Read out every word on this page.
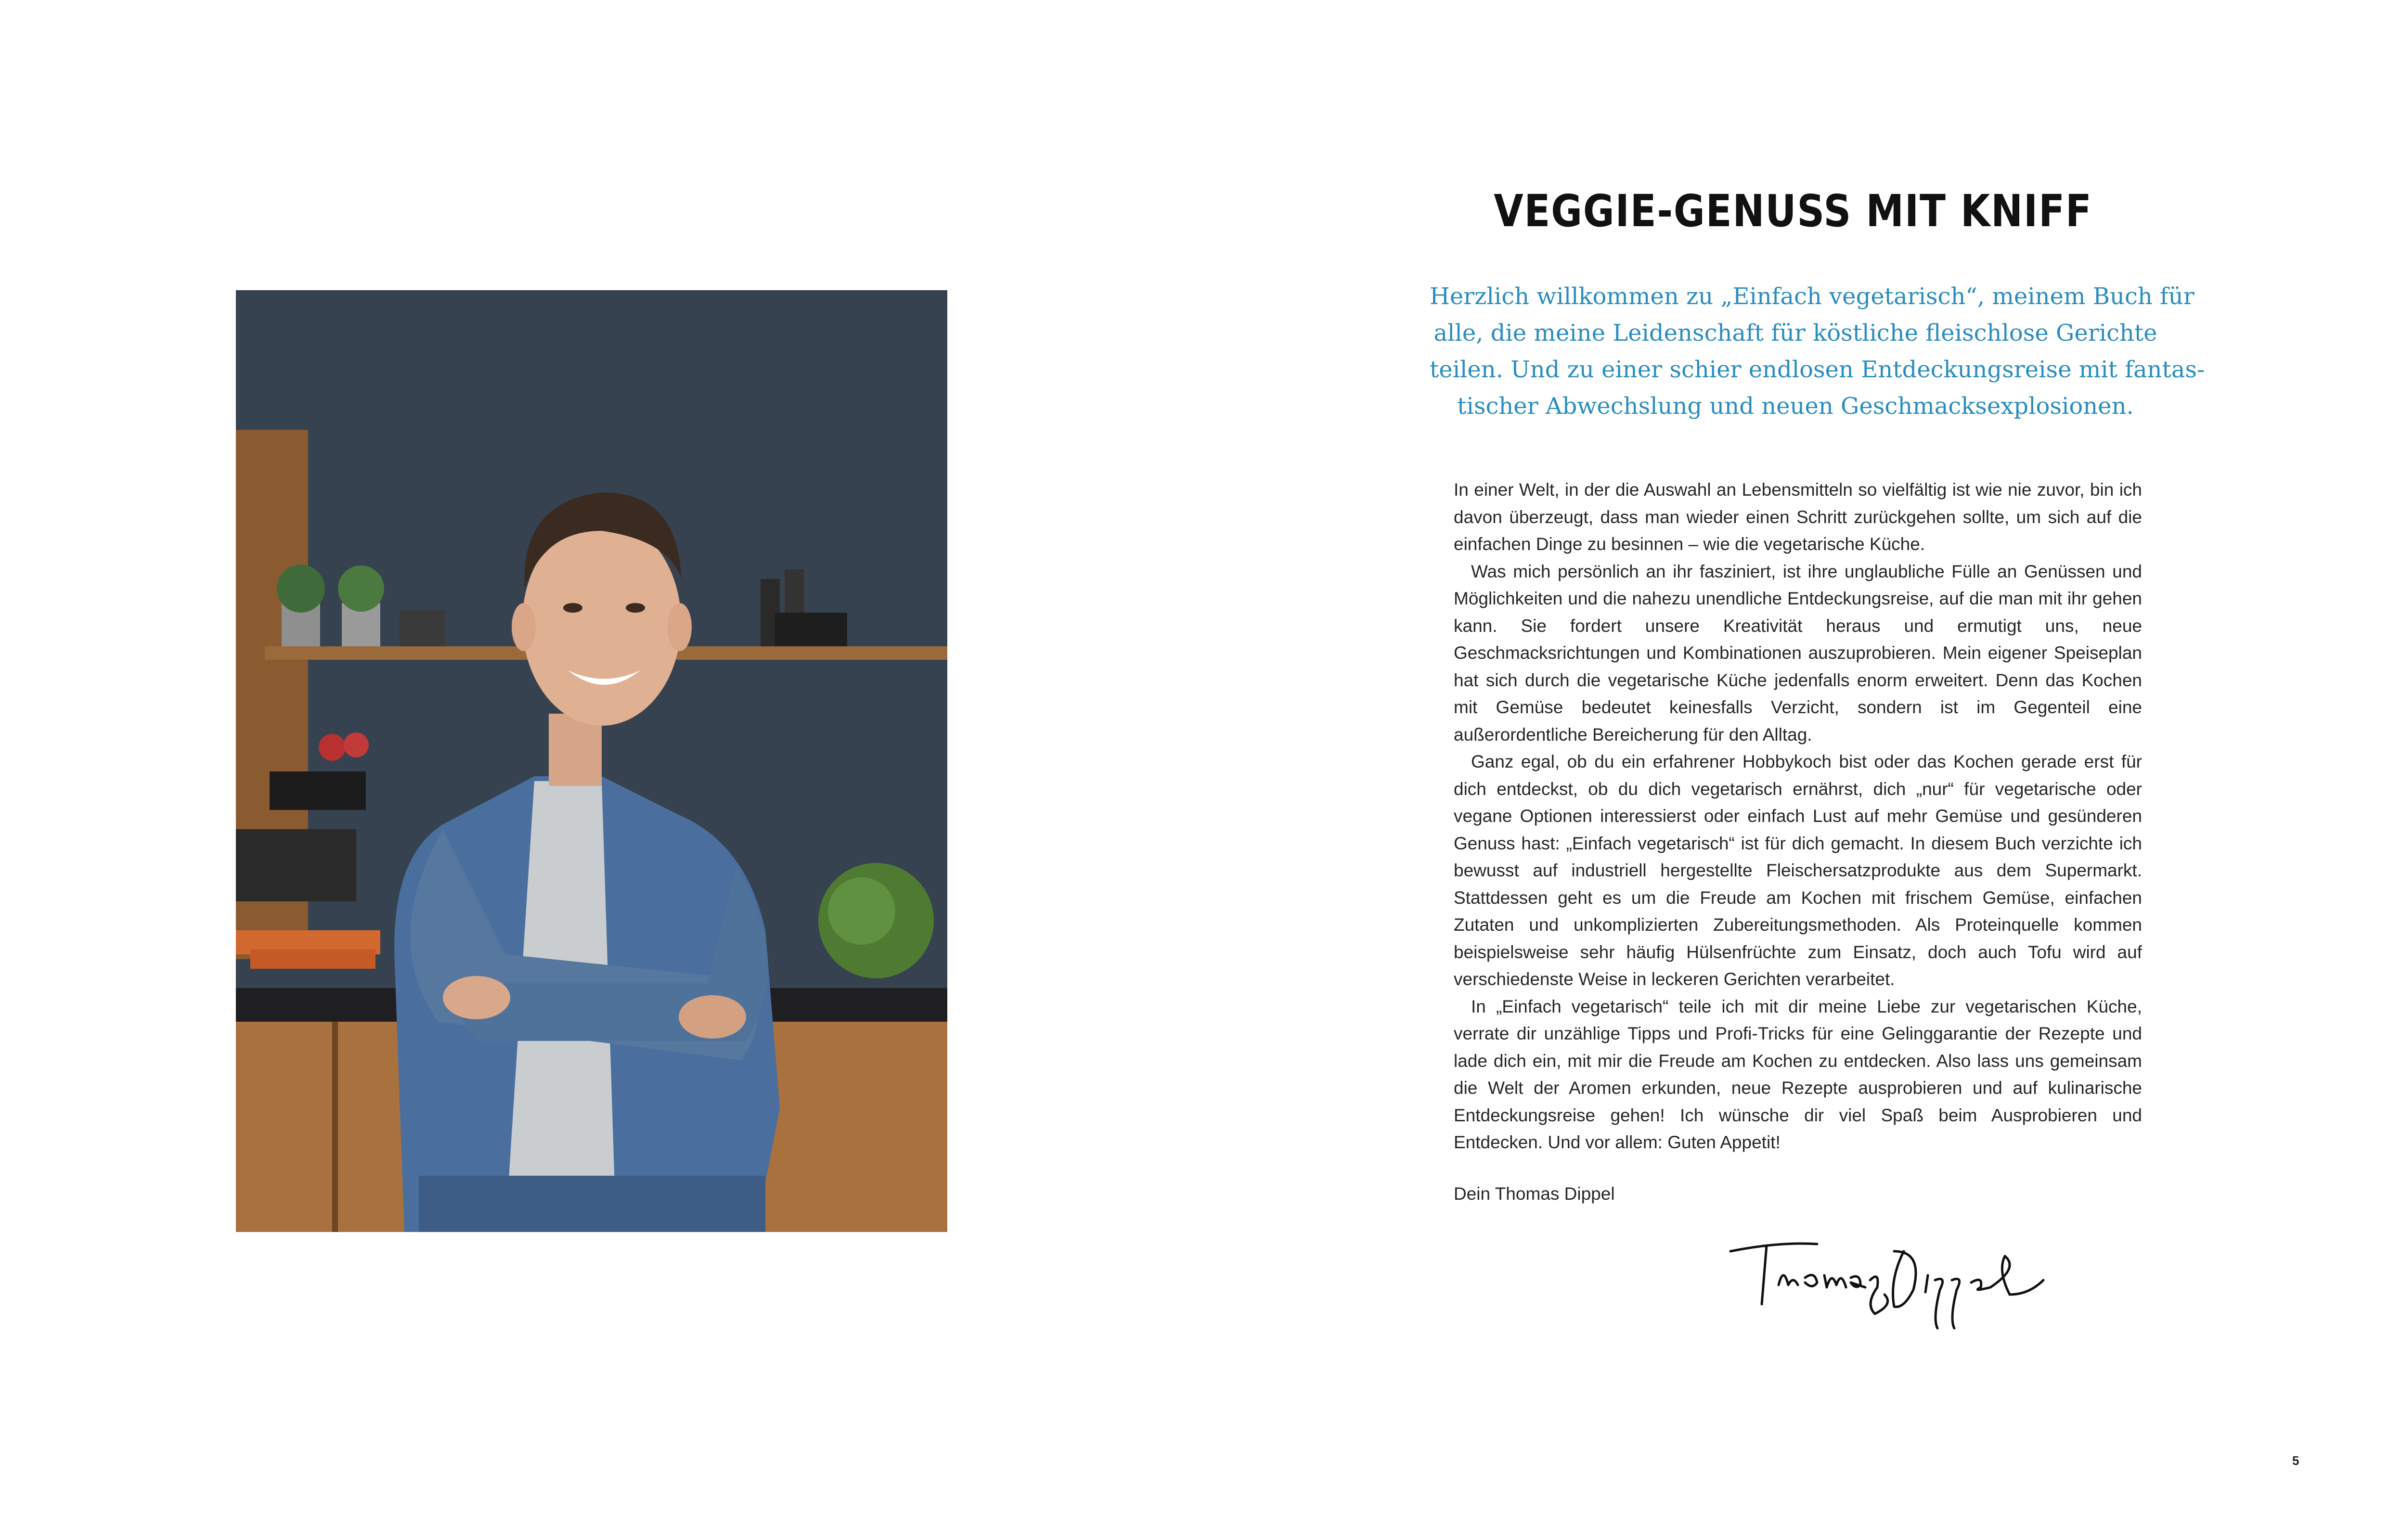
VEGGIE-GENUSS MIT KNIFF
Herzlich willkommen zu „Einfach vegetarisch“, meinem Buch für
alle, die meine Leidenschaft für köstliche fleischlose Gerichte
teilen. Und zu einer schier endlosen Entdeckungsreise mit fantas-
tischer Abwechslung und neuen Geschmacksexplosionen.

In einer Welt, in der die Auswahl an Lebensmitteln so vielfältig ist wie nie zuvor, bin ich davon überzeugt, dass man wieder einen Schritt zurückgehen sollte, um sich auf die einfachen Dinge zu besinnen – wie die vegetarische Küche.

Was mich persönlich an ihr fasziniert, ist ihre unglaubliche Fülle an Genüssen und Möglichkeiten und die nahezu unendliche Entdeckungsreise, auf die man mit ihr gehen kann. Sie fordert unsere Kreativität heraus und ermutigt uns, neue Geschmacksrichtungen und Kombinationen auszuprobieren. Mein eigener Speiseplan hat sich durch die vegetarische Küche jedenfalls enorm erweitert. Denn das Kochen mit Gemüse bedeutet keinesfalls Verzicht, sondern ist im Gegenteil eine außerordentliche Bereicherung für den Alltag.

Ganz egal, ob du ein erfahrener Hobbykoch bist oder das Kochen gerade erst für dich entdeckst, ob du dich vegetarisch ernährst, dich „nur“ für vegetarische oder vegane Optionen interessierst oder einfach Lust auf mehr Gemüse und gesünderen Genuss hast: „Einfach vegetarisch“ ist für dich gemacht. In diesem Buch verzichte ich bewusst auf industriell hergestellte Fleischersatzprodukte aus dem Supermarkt. Stattdessen geht es um die Freude am Kochen mit frischem Gemüse, einfachen Zutaten und unkomplizierten Zubereitungsmethoden. Als Proteinquelle kommen beispielsweise sehr häufig Hülsenfrüchte zum Einsatz, doch auch Tofu wird auf verschiedenste Weise in leckeren Gerichten verarbeitet.

In „Einfach vegetarisch“ teile ich mit dir meine Liebe zur vegetarischen Küche, verrate dir unzählige Tipps und Profi-Tricks für eine Gelinggarantie der Rezepte und lade dich ein, mit mir die Freude am Kochen zu entdecken. Also lass uns gemeinsam die Welt der Aromen erkunden, neue Rezepte ausprobieren und auf kulinarische Entdeckungsreise gehen! Ich wünsche dir viel Spaß beim Ausprobieren und Entdecken. Und vor allem: Guten Appetit!

Dein Thomas Dippel
5
